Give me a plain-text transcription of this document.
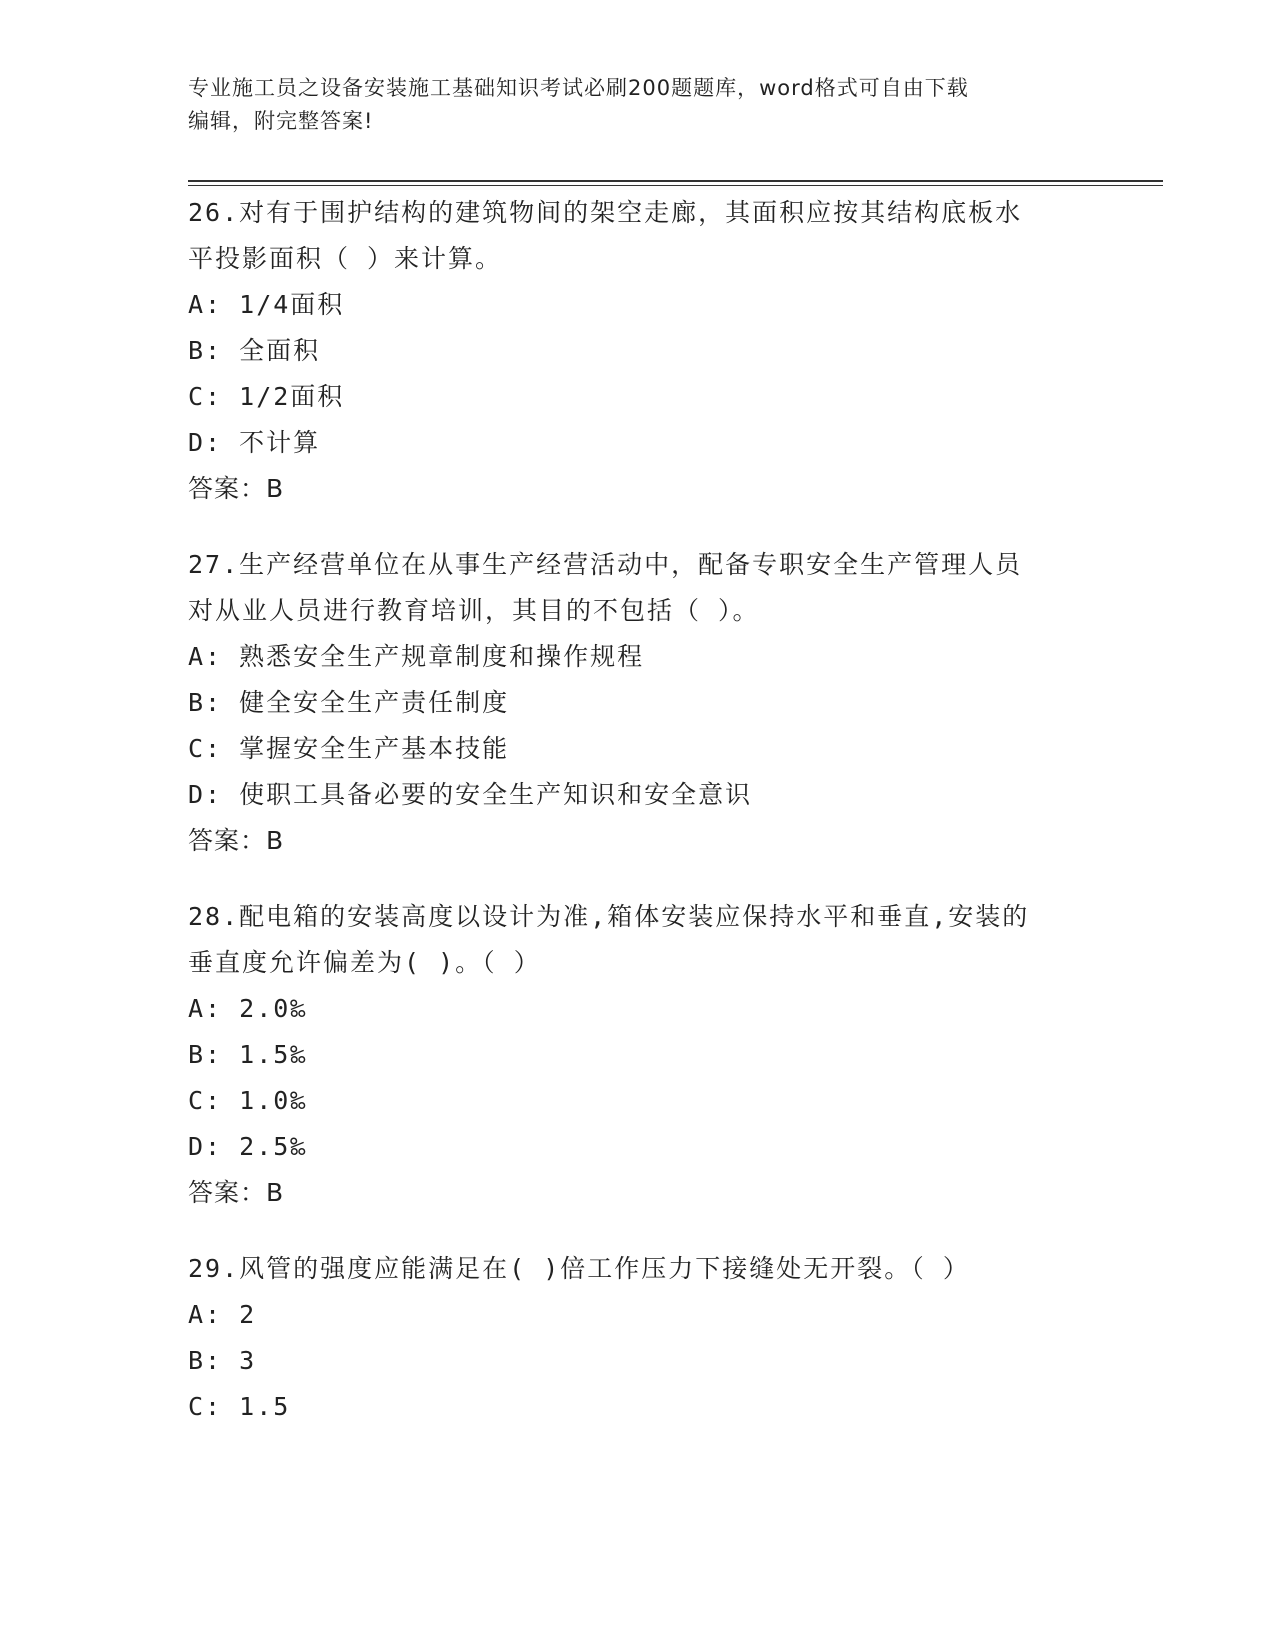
专业施工员之设备安装施工基础知识考试必刷200题题库，word格式可自由下载
编辑，附完整答案!
26.对有于围护结构的建筑物间的架空走廊，其面积应按其结构底板水
平投影面积（ ）来计算。
A: 1/4面积
B: 全面积
C: 1/2面积
D: 不计算
答案：B
27.生产经营单位在从事生产经营活动中，配备专职安全生产管理人员
对从业人员进行教育培训，其目的不包括（ ）。
A: 熟悉安全生产规章制度和操作规程
B: 健全安全生产责任制度
C: 掌握安全生产基本技能
D: 使职工具备必要的安全生产知识和安全意识
答案：B
28.配电箱的安装高度以设计为准,箱体安装应保持水平和垂直,安装的
垂直度允许偏差为( )。（ ）
A: 2.0‰
B: 1.5‰
C: 1.0‰
D: 2.5‰
答案：B
29.风管的强度应能满足在( )倍工作压力下接缝处无开裂。（ ）
A: 2
B: 3
C: 1.5
